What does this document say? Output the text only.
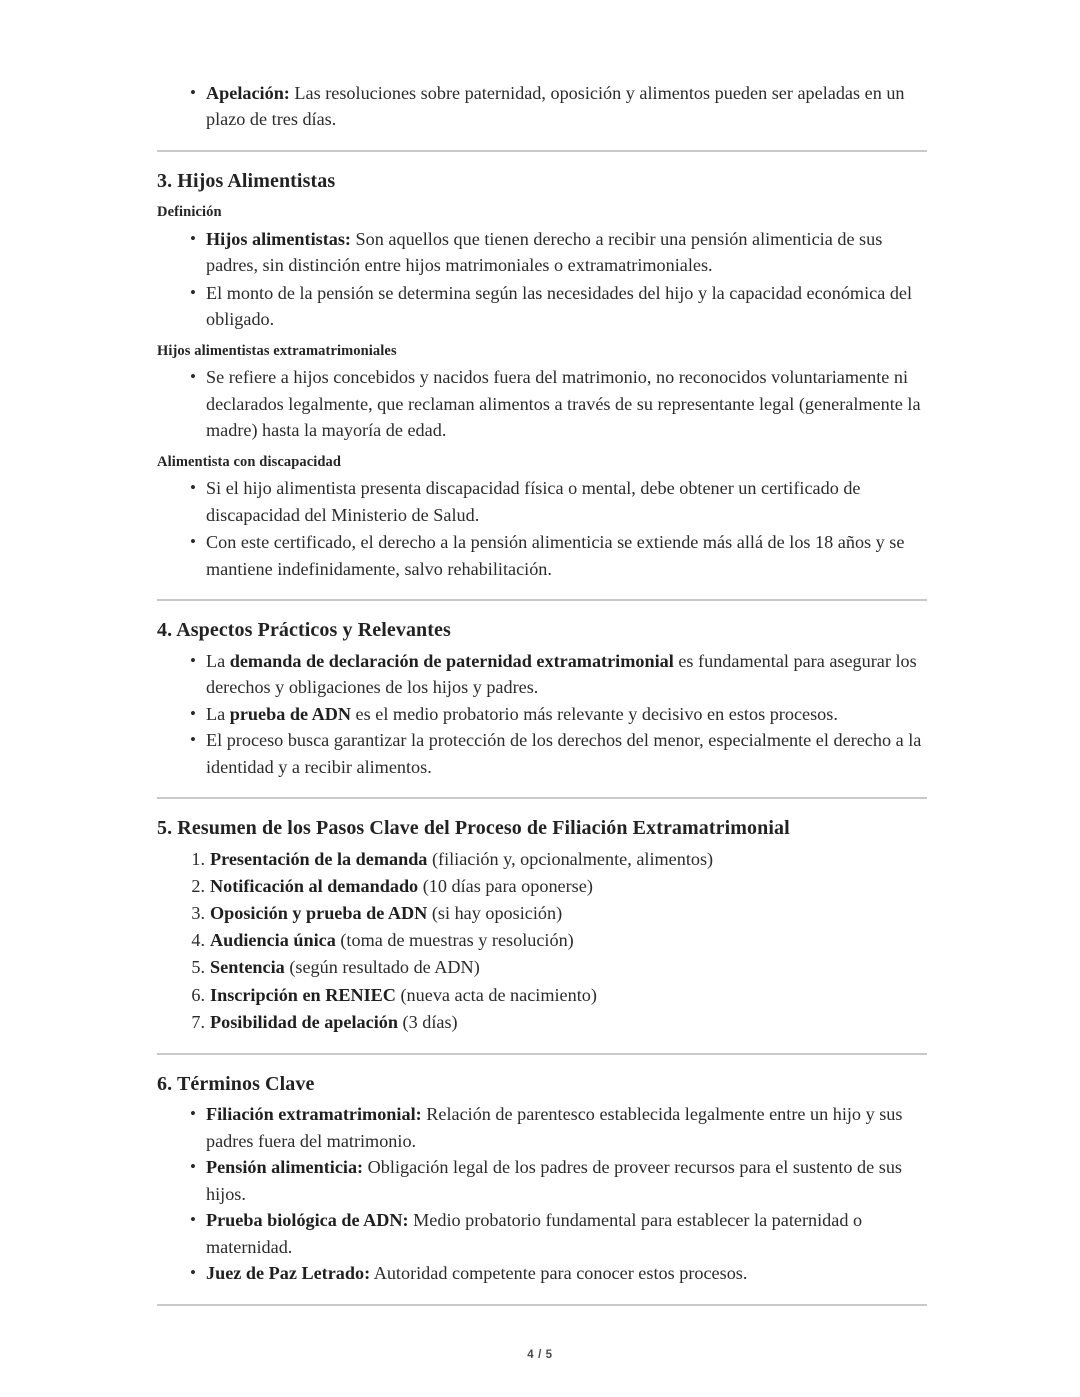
• Apelación: Las resoluciones sobre paternidad, oposición y alimentos pueden ser apeladas en un plazo de tres días.
3. Hijos Alimentistas
Definición
• Hijos alimentistas: Son aquellos que tienen derecho a recibir una pensión alimenticia de sus padres, sin distinción entre hijos matrimoniales o extramatrimoniales.
• El monto de la pensión se determina según las necesidades del hijo y la capacidad económica del obligado.
Hijos alimentistas extramatrimoniales
• Se refiere a hijos concebidos y nacidos fuera del matrimonio, no reconocidos voluntariamente ni declarados legalmente, que reclaman alimentos a través de su representante legal (generalmente la madre) hasta la mayoría de edad.
Alimentista con discapacidad
• Si el hijo alimentista presenta discapacidad física o mental, debe obtener un certificado de discapacidad del Ministerio de Salud.
• Con este certificado, el derecho a la pensión alimenticia se extiende más allá de los 18 años y se mantiene indefinidamente, salvo rehabilitación.
4. Aspectos Prácticos y Relevantes
• La demanda de declaración de paternidad extramatrimonial es fundamental para asegurar los derechos y obligaciones de los hijos y padres.
• La prueba de ADN es el medio probatorio más relevante y decisivo en estos procesos.
• El proceso busca garantizar la protección de los derechos del menor, especialmente el derecho a la identidad y a recibir alimentos.
5. Resumen de los Pasos Clave del Proceso de Filiación Extramatrimonial
Presentación de la demanda (filiación y, opcionalmente, alimentos)
Notificación al demandado (10 días para oponerse)
Oposición y prueba de ADN (si hay oposición)
Audiencia única (toma de muestras y resolución)
Sentencia (según resultado de ADN)
Inscripción en RENIEC (nueva acta de nacimiento)
Posibilidad de apelación (3 días)
6. Términos Clave
• Filiación extramatrimonial: Relación de parentesco establecida legalmente entre un hijo y sus padres fuera del matrimonio.
• Pensión alimenticia: Obligación legal de los padres de proveer recursos para el sustento de sus hijos.
• Prueba biológica de ADN: Medio probatorio fundamental para establecer la paternidad o maternidad.
• Juez de Paz Letrado: Autoridad competente para conocer estos procesos.
4 / 5
